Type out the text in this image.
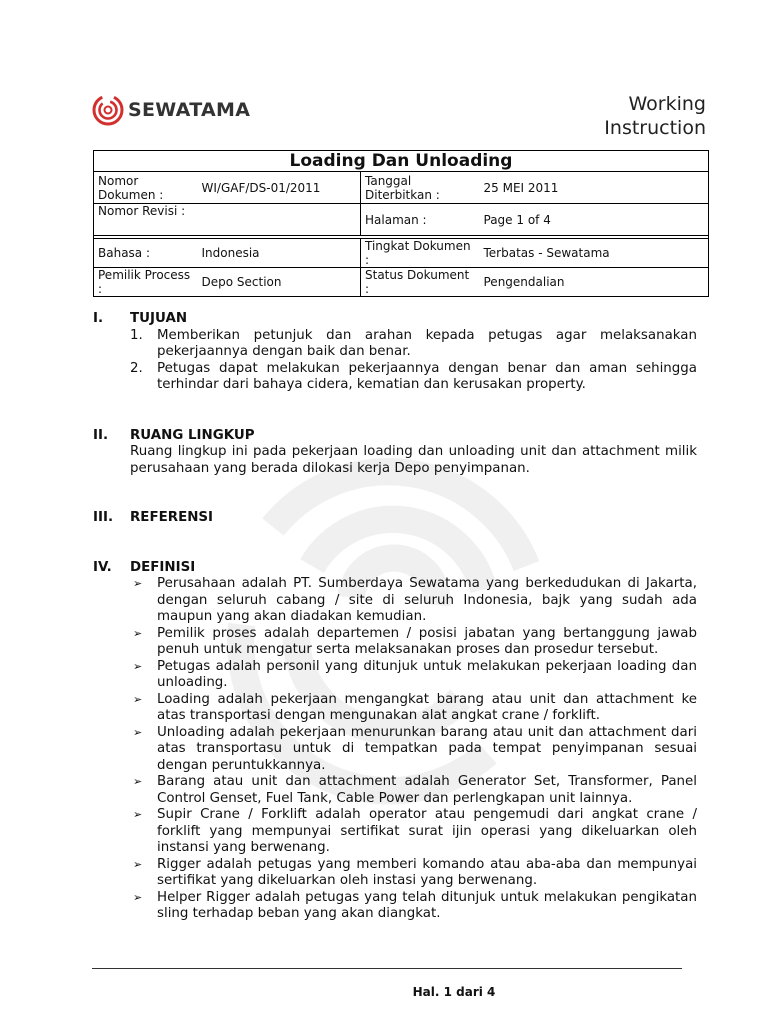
SEWATAMA	Working Instruction
Loading Dan Unloading			
Nomor Dokumen :	WI/GAF/DS-01/2011	Tanggal Diterbitkan :	25 MEI 2011
Nomor Revisi :		Halaman :	Page 1 of 4

Bahasa :	Indonesia	Tingkat Dokumen :	Terbatas - Sewatama
Pemilik Process :	Depo Section	Status Dokument :	Pengendalian
I.	TUJUAN
1.	Memberikan petunjuk dan arahan kepada petugas agar melaksanakan pekerjaannya dengan baik dan benar.
2.	Petugas dapat melakukan pekerjaannya dengan benar dan aman sehingga terhindar dari bahaya cidera, kematian dan kerusakan property.
II.	RUANG LINGKUP
Ruang lingkup ini pada pekerjaan loading dan unloading unit dan attachment milik perusahaan yang berada dilokasi kerja Depo penyimpanan.
III.	REFERENSI
IV.	DEFINISI
➢	Perusahaan adalah PT. Sumberdaya Sewatama yang berkedudukan di Jakarta, dengan seluruh cabang / site di seluruh Indonesia, bajk yang sudah ada maupun yang akan diadakan kemudian.
➢	Pemilik proses adalah departemen / posisi jabatan yang bertanggung jawab penuh untuk mengatur serta melaksanakan proses dan prosedur tersebut.
➢	Petugas adalah personil yang ditunjuk untuk melakukan pekerjaan loading dan unloading.
➢	Loading adalah pekerjaan mengangkat barang atau unit dan attachment ke atas transportasi dengan mengunakan alat angkat crane / forklift.
➢	Unloading adalah pekerjaan menurunkan barang atau unit dan attachment dari atas transportasu untuk di tempatkan pada tempat penyimpanan sesuai dengan peruntukkannya.
➢	Barang atau unit dan attachment adalah Generator Set, Transformer, Panel Control Genset, Fuel Tank, Cable Power dan perlengkapan unit lainnya.
➢	Supir Crane / Forklift adalah operator atau pengemudi dari angkat crane / forklift yang mempunyai sertifikat surat ijin operasi yang dikeluarkan oleh instansi yang berwenang.
➢	Rigger adalah petugas yang memberi komando atau aba-aba dan mempunyai sertifikat yang dikeluarkan oleh instasi yang berwenang.
➢	Helper Rigger adalah petugas yang telah ditunjuk untuk melakukan pengikatan sling terhadap beban yang akan diangkat.
Hal. 1 dari 4
